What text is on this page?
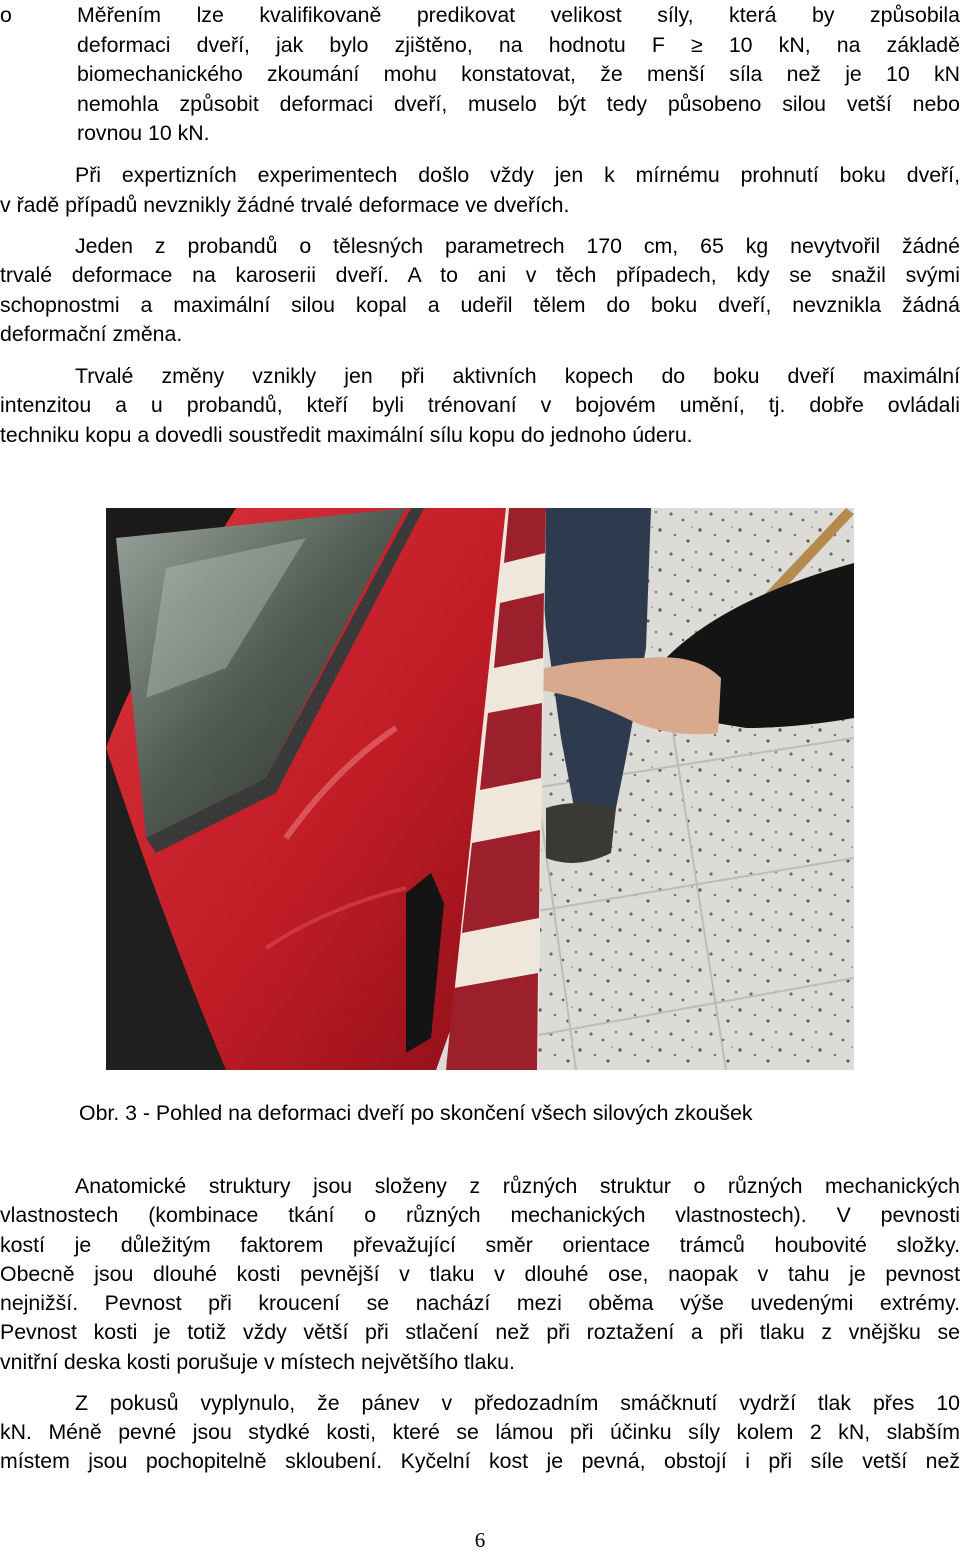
o	Měřením lze kvalifikovaně predikovat velikost síly, která by způsobila
deformaci dveří, jak bylo zjištěno, na hodnotu F ≥ 10 kN, na základě
biomechanického zkoumání mohu konstatovat, že menší síla než je 10 kN
nemohla způsobit deformaci dveří, muselo být tedy působeno silou vetší nebo
rovnou 10 kN.
Při expertizních experimentech došlo vždy jen k mírnému prohnutí boku dveří,
v řadě případů nevznikly žádné trvalé deformace ve dveřích.
Jeden z probandů o tělesných parametrech 170 cm, 65 kg nevytvořil žádné
trvalé deformace na karoserii dveří. A to ani v těch případech, kdy se snažil svými
schopnostmi a maximální silou kopal a udeřil tělem do boku dveří, nevznikla žádná
deformační změna.
Trvalé změny vznikly jen při aktivních kopech do boku dveří maximální
intenzitou a u probandů, kteří byli trénovaní v bojovém umění, tj. dobře ovládali
techniku kopu a dovedli soustředit maximální sílu kopu do jednoho úderu.
Obr. 3 - Pohled na deformaci dveří po skončení všech silových zkoušek
Anatomické struktury jsou složeny z různých struktur o různých mechanických
vlastnostech (kombinace tkání o různých mechanických vlastnostech). V pevnosti
kostí je důležitým faktorem převažující směr orientace trámců houbovité složky.
Obecně jsou dlouhé kosti pevnější v tlaku v dlouhé ose, naopak v tahu je pevnost
nejnižší. Pevnost při kroucení se nachází mezi oběma výše uvedenými extrémy.
Pevnost kosti je totiž vždy větší při stlačení než při roztažení a při tlaku z vnějšku se
vnitřní deska kosti porušuje v místech největšího tlaku.
Z pokusů vyplynulo, že pánev v předozadním smáčknutí vydrží tlak přes 10
kN. Méně pevné jsou stydké kosti, které se lámou při účinku síly kolem 2 kN, slabším
místem jsou pochopitelně skloubení. Kyčelní kost je pevná, obstojí i při síle vetší než
6
